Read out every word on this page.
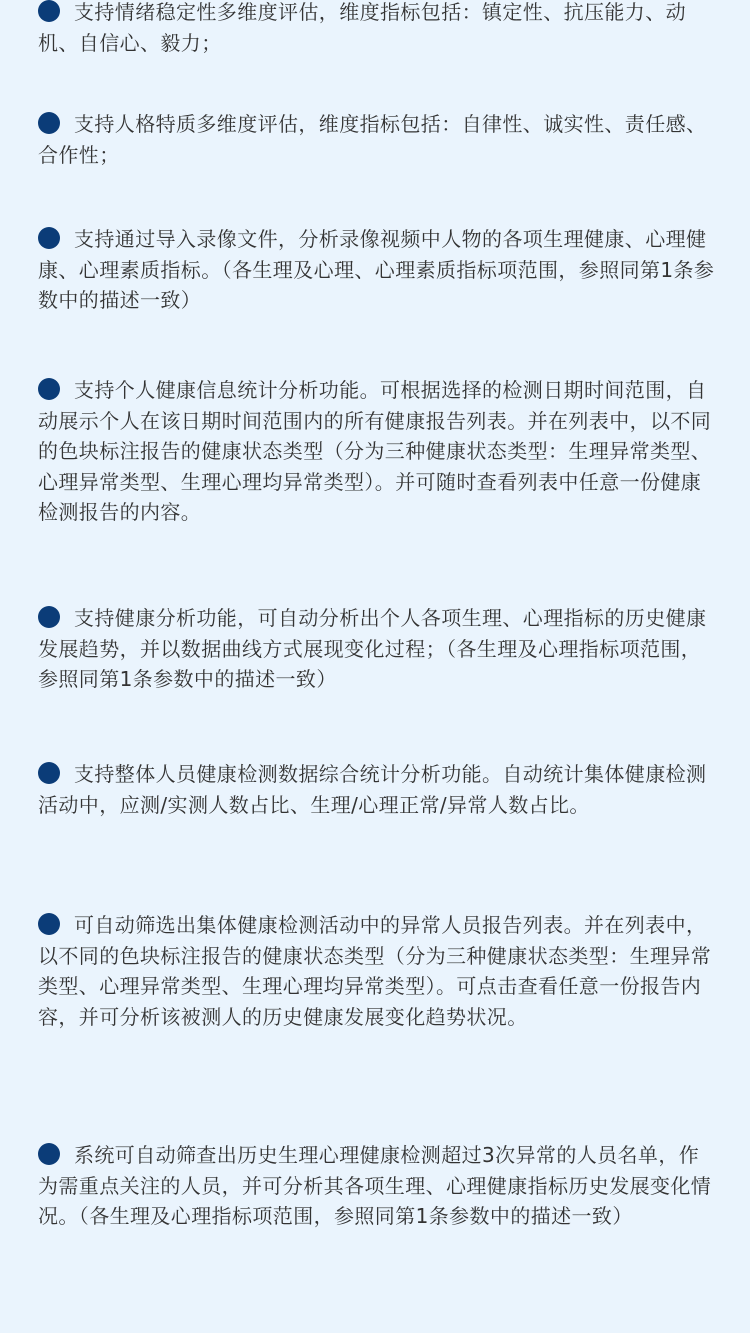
支持情绪稳定性多维度评估，维度指标包括：镇定性、抗压能力、动机、自信心、毅力；

支持人格特质多维度评估，维度指标包括：自律性、诚实性、责任感、合作性；

支持通过导入录像文件，分析录像视频中人物的各项生理健康、心理健康、心理素质指标。（各生理及心理、心理素质指标项范围，参照同第1条参数中的描述一致）

支持个人健康信息统计分析功能。可根据选择的检测日期时间范围，自动展示个人在该日期时间范围内的所有健康报告列表。并在列表中，以不同的色块标注报告的健康状态类型（分为三种健康状态类型：生理异常类型、心理异常类型、生理心理均异常类型）。并可随时查看列表中任意一份健康检测报告的内容。

支持健康分析功能，可自动分析出个人各项生理、心理指标的历史健康发展趋势，并以数据曲线方式展现变化过程；（各生理及心理指标项范围，参照同第1条参数中的描述一致）

支持整体人员健康检测数据综合统计分析功能。自动统计集体健康检测活动中，应测/实测人数占比、生理/心理正常/异常人数占比。

可自动筛选出集体健康检测活动中的异常人员报告列表。并在列表中，以不同的色块标注报告的健康状态类型（分为三种健康状态类型：生理异常类型、心理异常类型、生理心理均异常类型）。可点击查看任意一份报告内容，并可分析该被测人的历史健康发展变化趋势状况。

系统可自动筛查出历史生理心理健康检测超过3次异常的人员名单，作为需重点关注的人员，并可分析其各项生理、心理健康指标历史发展变化情况。（各生理及心理指标项范围，参照同第1条参数中的描述一致）
